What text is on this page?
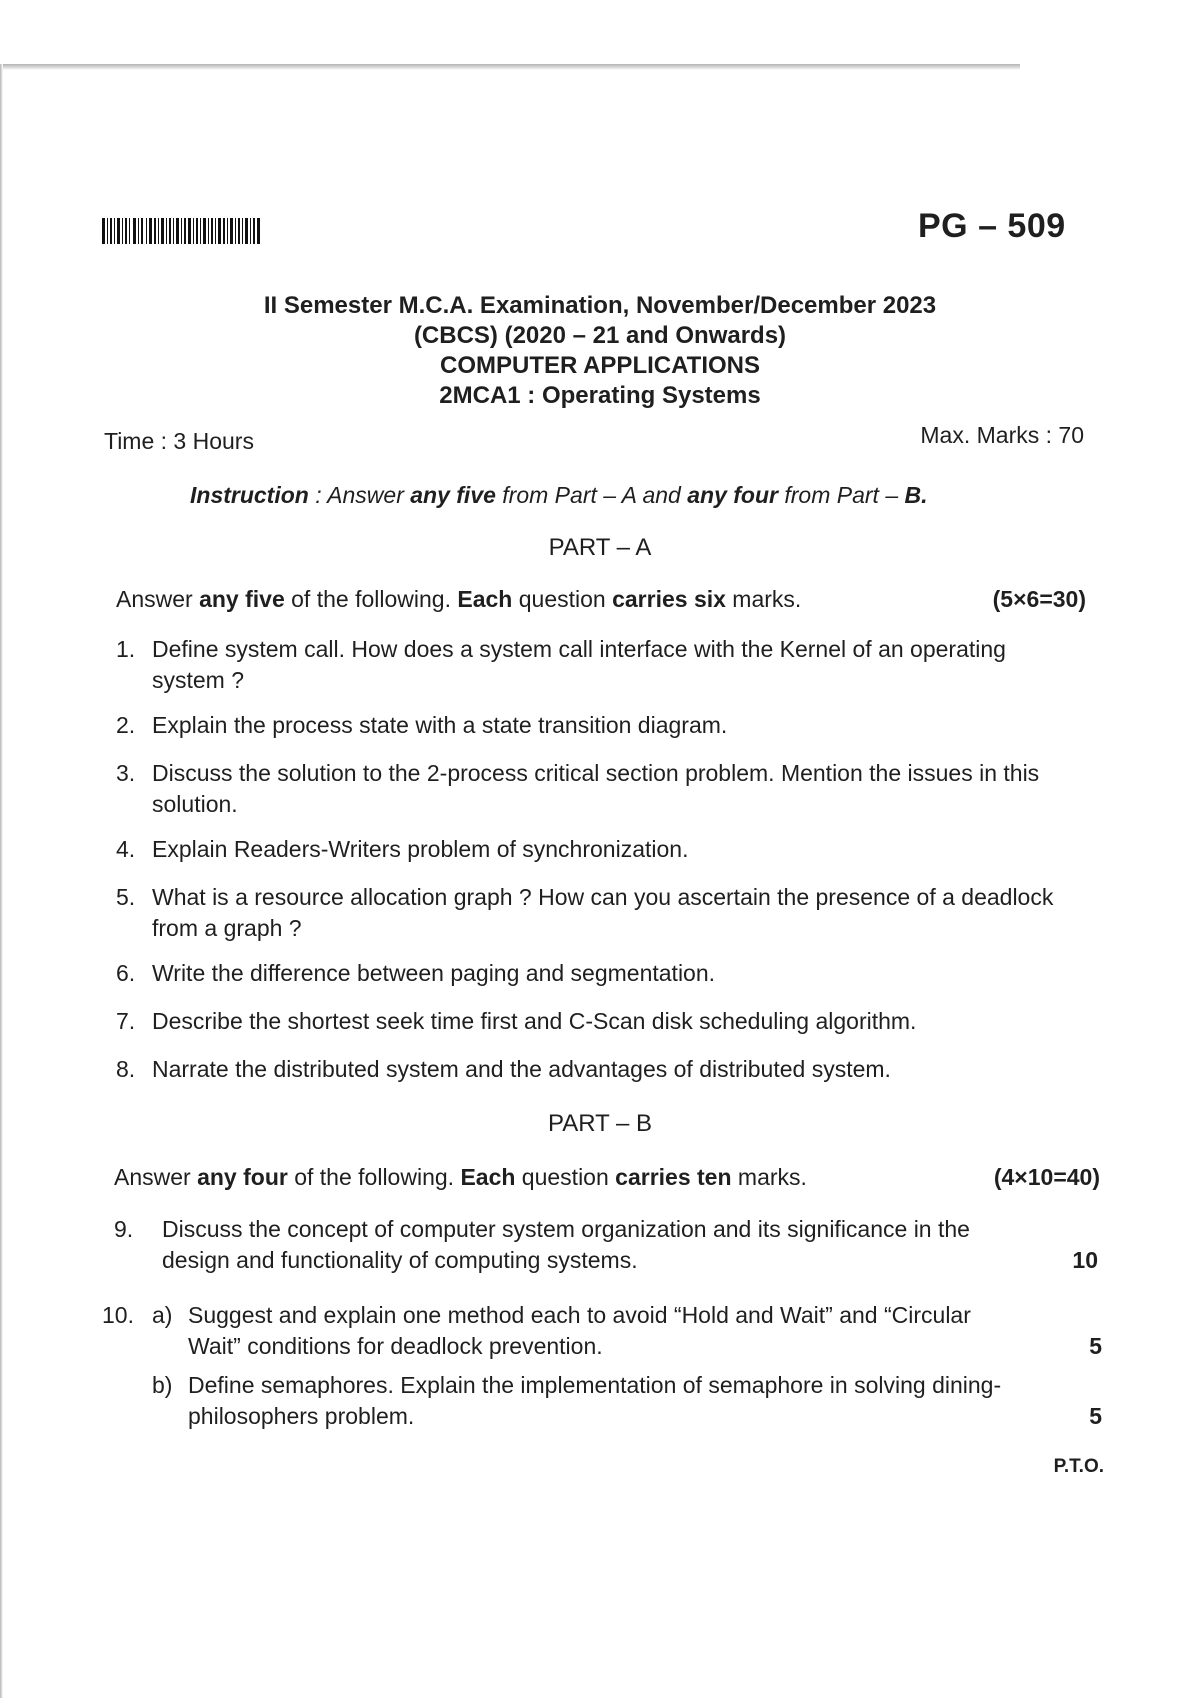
PG – 509
II Semester M.C.A. Examination, November/December 2023
(CBCS) (2020 – 21 and Onwards)
COMPUTER APPLICATIONS
2MCA1 : Operating Systems
Time : 3 Hours	Max. Marks : 70
Instruction : Answer any five from Part – A and any four from Part – B.
PART – A
Answer any five of the following. Each question carries six marks.	(5×6=30)
1. Define system call. How does a system call interface with the Kernel of an operating system ?
2. Explain the process state with a state transition diagram.
3. Discuss the solution to the 2-process critical section problem. Mention the issues in this solution.
4. Explain Readers-Writers problem of synchronization.
5. What is a resource allocation graph ? How can you ascertain the presence of a deadlock from a graph ?
6. Write the difference between paging and segmentation.
7. Describe the shortest seek time first and C-Scan disk scheduling algorithm.
8. Narrate the distributed system and the advantages of distributed system.
PART – B
Answer any four of the following. Each question carries ten marks.	(4×10=40)
9. Discuss the concept of computer system organization and its significance in the design and functionality of computing systems.	10
10. a) Suggest and explain one method each to avoid “Hold and Wait” and “Circular Wait” conditions for deadlock prevention.	5
b) Define semaphores. Explain the implementation of semaphore in solving dining-philosophers problem.	5
P.T.O.
